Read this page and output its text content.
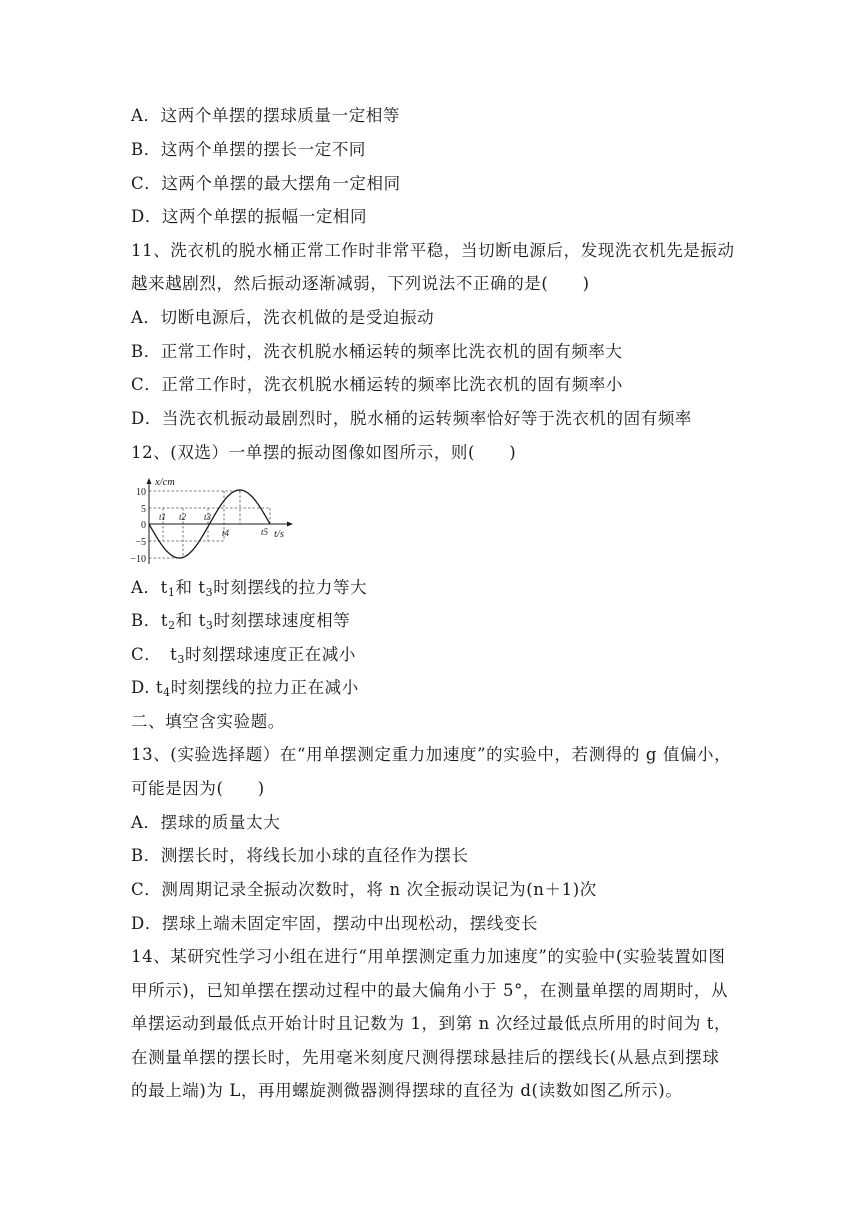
A．这两个单摆的摆球质量一定相等
B．这两个单摆的摆长一定不同
C．这两个单摆的最大摆角一定相同
D．这两个单摆的振幅一定相同
11、洗衣机的脱水桶正常工作时非常平稳，当切断电源后，发现洗衣机先是振动
越来越剧烈，然后振动逐渐减弱，下列说法不正确的是(　　)
A．切断电源后，洗衣机做的是受迫振动
B．正常工作时，洗衣机脱水桶运转的频率比洗衣机的固有频率大
C．正常工作时，洗衣机脱水桶运转的频率比洗衣机的固有频率小
D．当洗衣机振动最剧烈时，脱水桶的运转频率恰好等于洗衣机的固有频率
12、(双选）一单摆的振动图像如图所示，则(　　)
x/cm
t/s
10
5
0
−5
−10
t1 t2 t3
t4	t5
A．$t_1$和 $t_3$时刻摆线的拉力等大
B．$t_2$和 $t_3$时刻摆球速度相等
C．　$t_3$时刻摆球速度正在减小
D. $t_4$时刻摆线的拉力正在减小
二、填空含实验题。
13、(实验选择题）在“用单摆测定重力加速度”的实验中，若测得的 g 值偏小，
可能是因为(　　)
A．摆球的质量太大
B．测摆长时，将线长加小球的直径作为摆长
C．测周期记录全振动次数时，将 n 次全振动误记为(n＋1)次
D．摆球上端未固定牢固，摆动中出现松动，摆线变长
14、某研究性学习小组在进行“用单摆测定重力加速度”的实验中(实验装置如图
甲所示)，已知单摆在摆动过程中的最大偏角小于 5°，在测量单摆的周期时，从
单摆运动到最低点开始计时且记数为 1，到第 n 次经过最低点所用的时间为 t，
在测量单摆的摆长时，先用毫米刻度尺测得摆球悬挂后的摆线长(从悬点到摆球
的最上端)为 L，再用螺旋测微器测得摆球的直径为 d(读数如图乙所示)。
